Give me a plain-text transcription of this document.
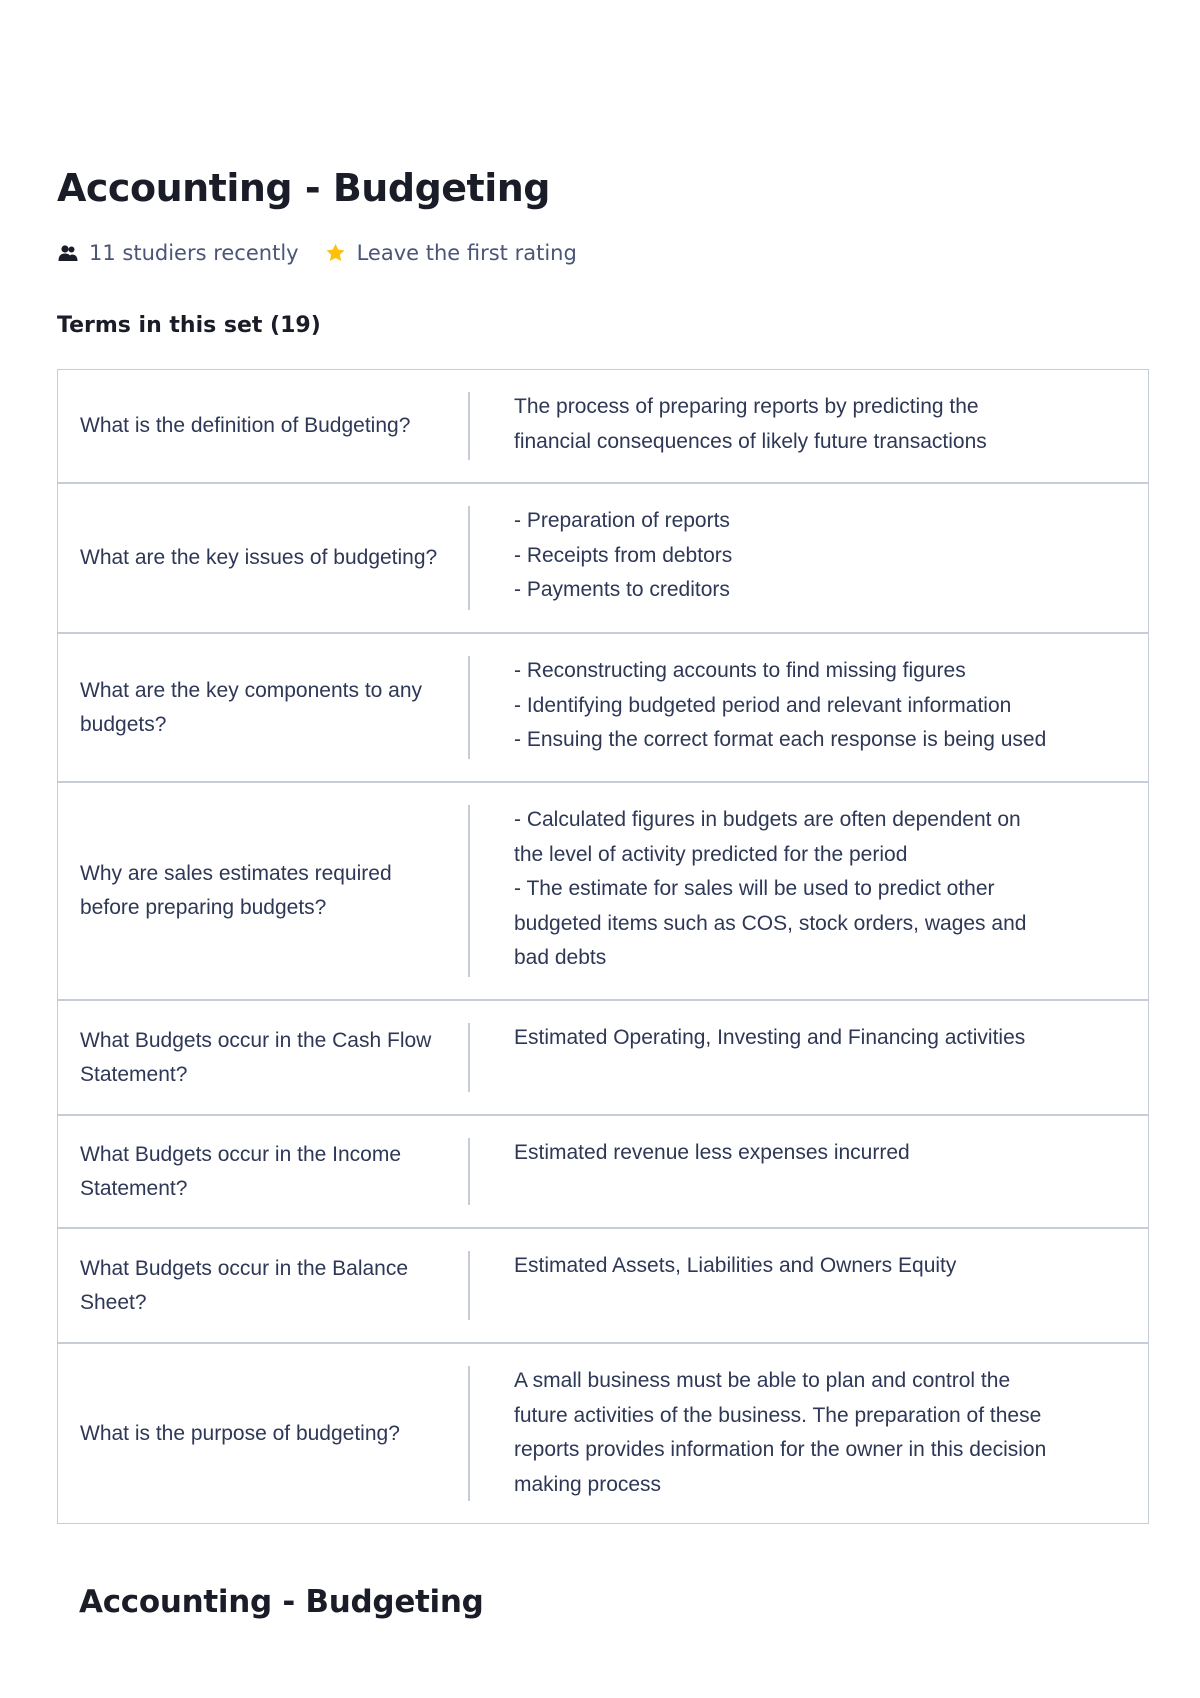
Accounting - Budgeting
11 studiers recently	Leave the first rating
Terms in this set (19)
What is the definition of Budgeting?
The process of preparing reports by predicting the
financial consequences of likely future transactions
What are the key issues of budgeting?
- Preparation of reports
- Receipts from debtors
- Payments to creditors
What are the key components to any budgets?
- Reconstructing accounts to find missing figures
- Identifying budgeted period and relevant information
- Ensuing the correct format each response is being used
Why are sales estimates required before preparing budgets?
- Calculated figures in budgets are often dependent on
the level of activity predicted for the period
- The estimate for sales will be used to predict other
budgeted items such as COS, stock orders, wages and
bad debts
What Budgets occur in the Cash Flow Statement?
Estimated Operating, Investing and Financing activities

What Budgets occur in the Income Statement?
Estimated revenue less expenses incurred

What Budgets occur in the Balance Sheet?
Estimated Assets, Liabilities and Owners Equity

What is the purpose of budgeting?
A small business must be able to plan and control the
future activities of the business. The preparation of these
reports provides information for the owner in this decision
making process
Accounting - Budgeting
